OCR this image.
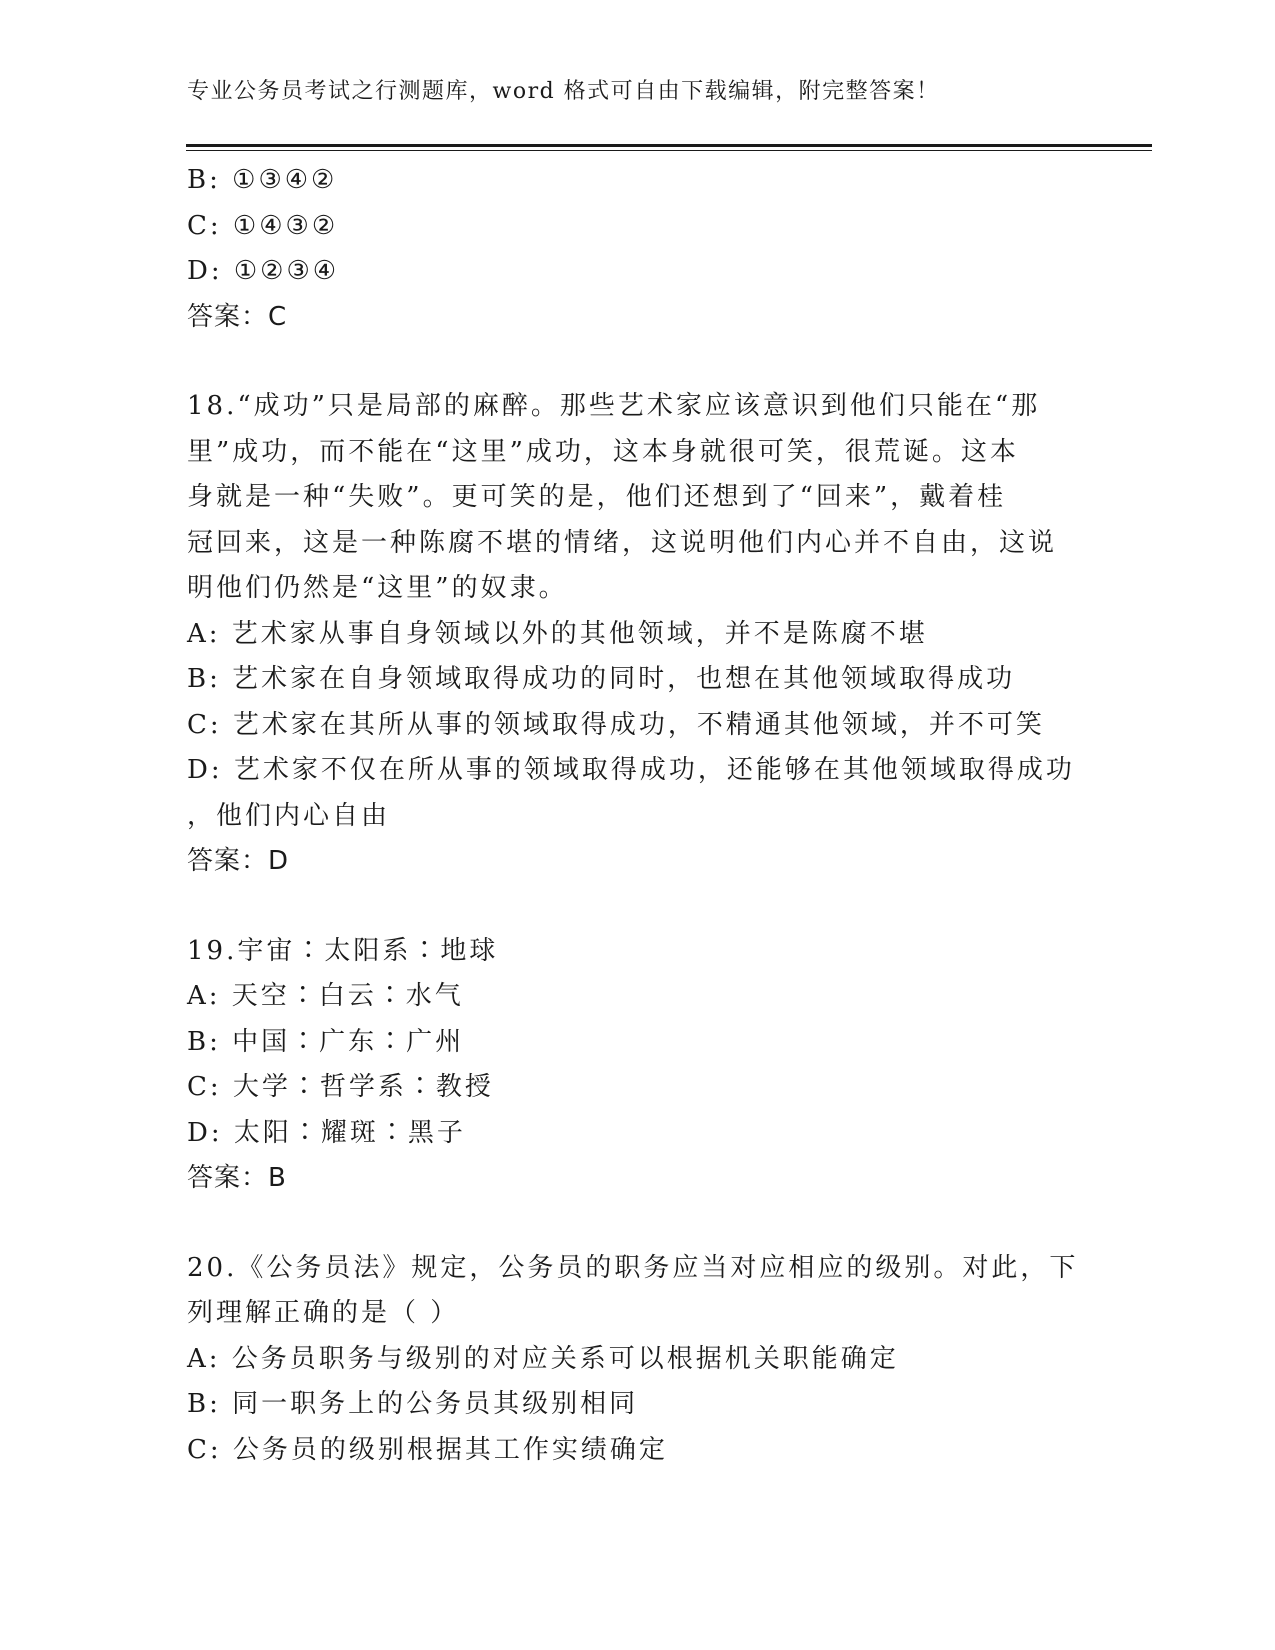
专业公务员考试之行测题库，word 格式可自由下载编辑，附完整答案！
B: ①③④②
C: ①④③②
D: ①②③④
答案：C
18.“成功”只是局部的麻醉。那些艺术家应该意识到他们只能在“那
里”成功，而不能在“这里”成功，这本身就很可笑，很荒诞。这本
身就是一种“失败”。更可笑的是，他们还想到了“回来”，戴着桂
冠回来，这是一种陈腐不堪的情绪，这说明他们内心并不自由，这说
明他们仍然是“这里”的奴隶。
A: 艺术家从事自身领域以外的其他领域，并不是陈腐不堪
B: 艺术家在自身领域取得成功的同时，也想在其他领域取得成功
C: 艺术家在其所从事的领域取得成功，不精通其他领域，并不可笑
D: 艺术家不仅在所从事的领域取得成功，还能够在其他领域取得成功
，他们内心自由
答案：D
19.宇宙∶太阳系∶地球
A: 天空∶白云∶水气
B: 中国∶广东∶广州
C: 大学∶哲学系∶教授
D: 太阳∶耀斑∶黑子
答案：B
20.《公务员法》规定，公务员的职务应当对应相应的级别。对此，下
列理解正确的是（ ）
A: 公务员职务与级别的对应关系可以根据机关职能确定
B: 同一职务上的公务员其级别相同
C: 公务员的级别根据其工作实绩确定
